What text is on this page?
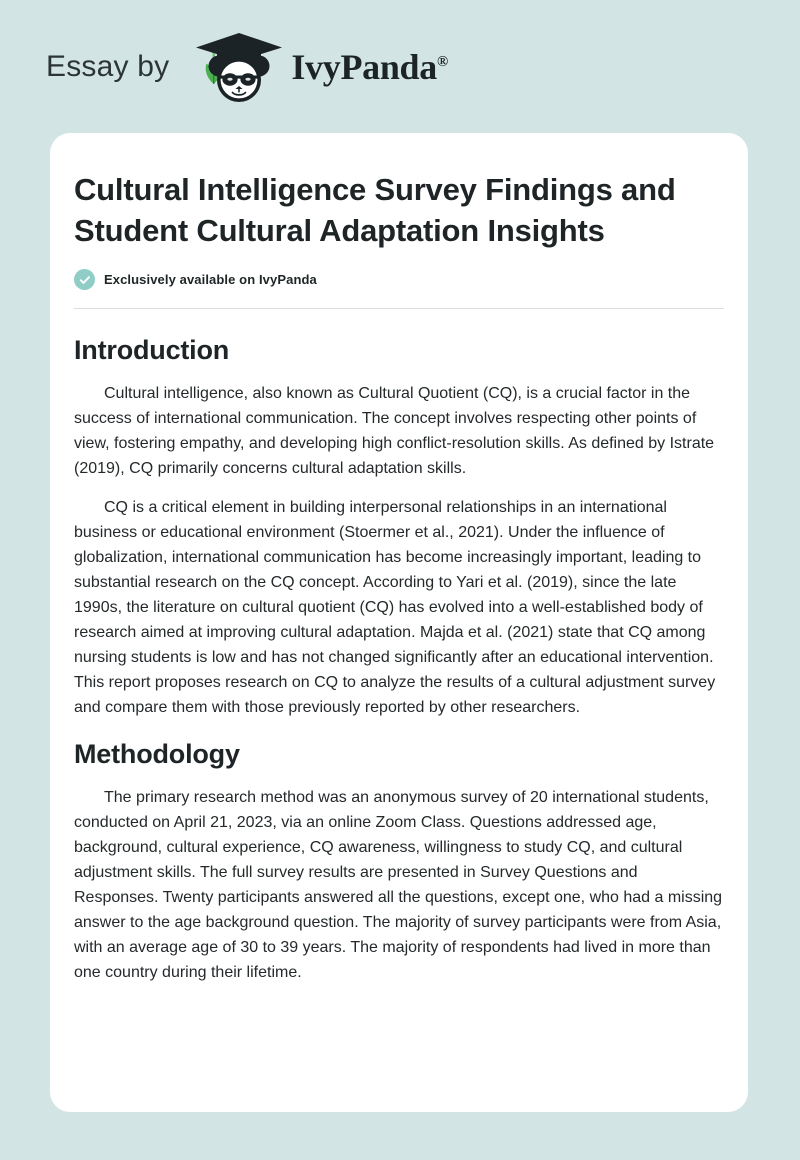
Essay by	IvyPanda®
Cultural Intelligence Survey Findings and Student Cultural Adaptation Insights
Exclusively available on IvyPanda
Introduction

Cultural intelligence, also known as Cultural Quotient (CQ), is a crucial factor in the success of international communication. The concept involves respecting other points of view, fostering empathy, and developing high conflict-resolution skills. As defined by Istrate (2019), CQ primarily concerns cultural adaptation skills.

CQ is a critical element in building interpersonal relationships in an international business or educational environment (Stoermer et al., 2021). Under the influence of globalization, international communication has become increasingly important, leading to substantial research on the CQ concept. According to Yari et al. (2019), since the late 1990s, the literature on cultural quotient (CQ) has evolved into a well-established body of research aimed at improving cultural adaptation. Majda et al. (2021) state that CQ among nursing students is low and has not changed significantly after an educational intervention. This report proposes research on CQ to analyze the results of a cultural adjustment survey and compare them with those previously reported by other researchers.

Methodology

The primary research method was an anonymous survey of 20 international students, conducted on April 21, 2023, via an online Zoom Class. Questions addressed age, background, cultural experience, CQ awareness, willingness to study CQ, and cultural adjustment skills. The full survey results are presented in Survey Questions and Responses. Twenty participants answered all the questions, except one, who had a missing answer to the age background question. The majority of survey participants were from Asia, with an average age of 30 to 39 years. The majority of respondents had lived in more than one country during their lifetime.
